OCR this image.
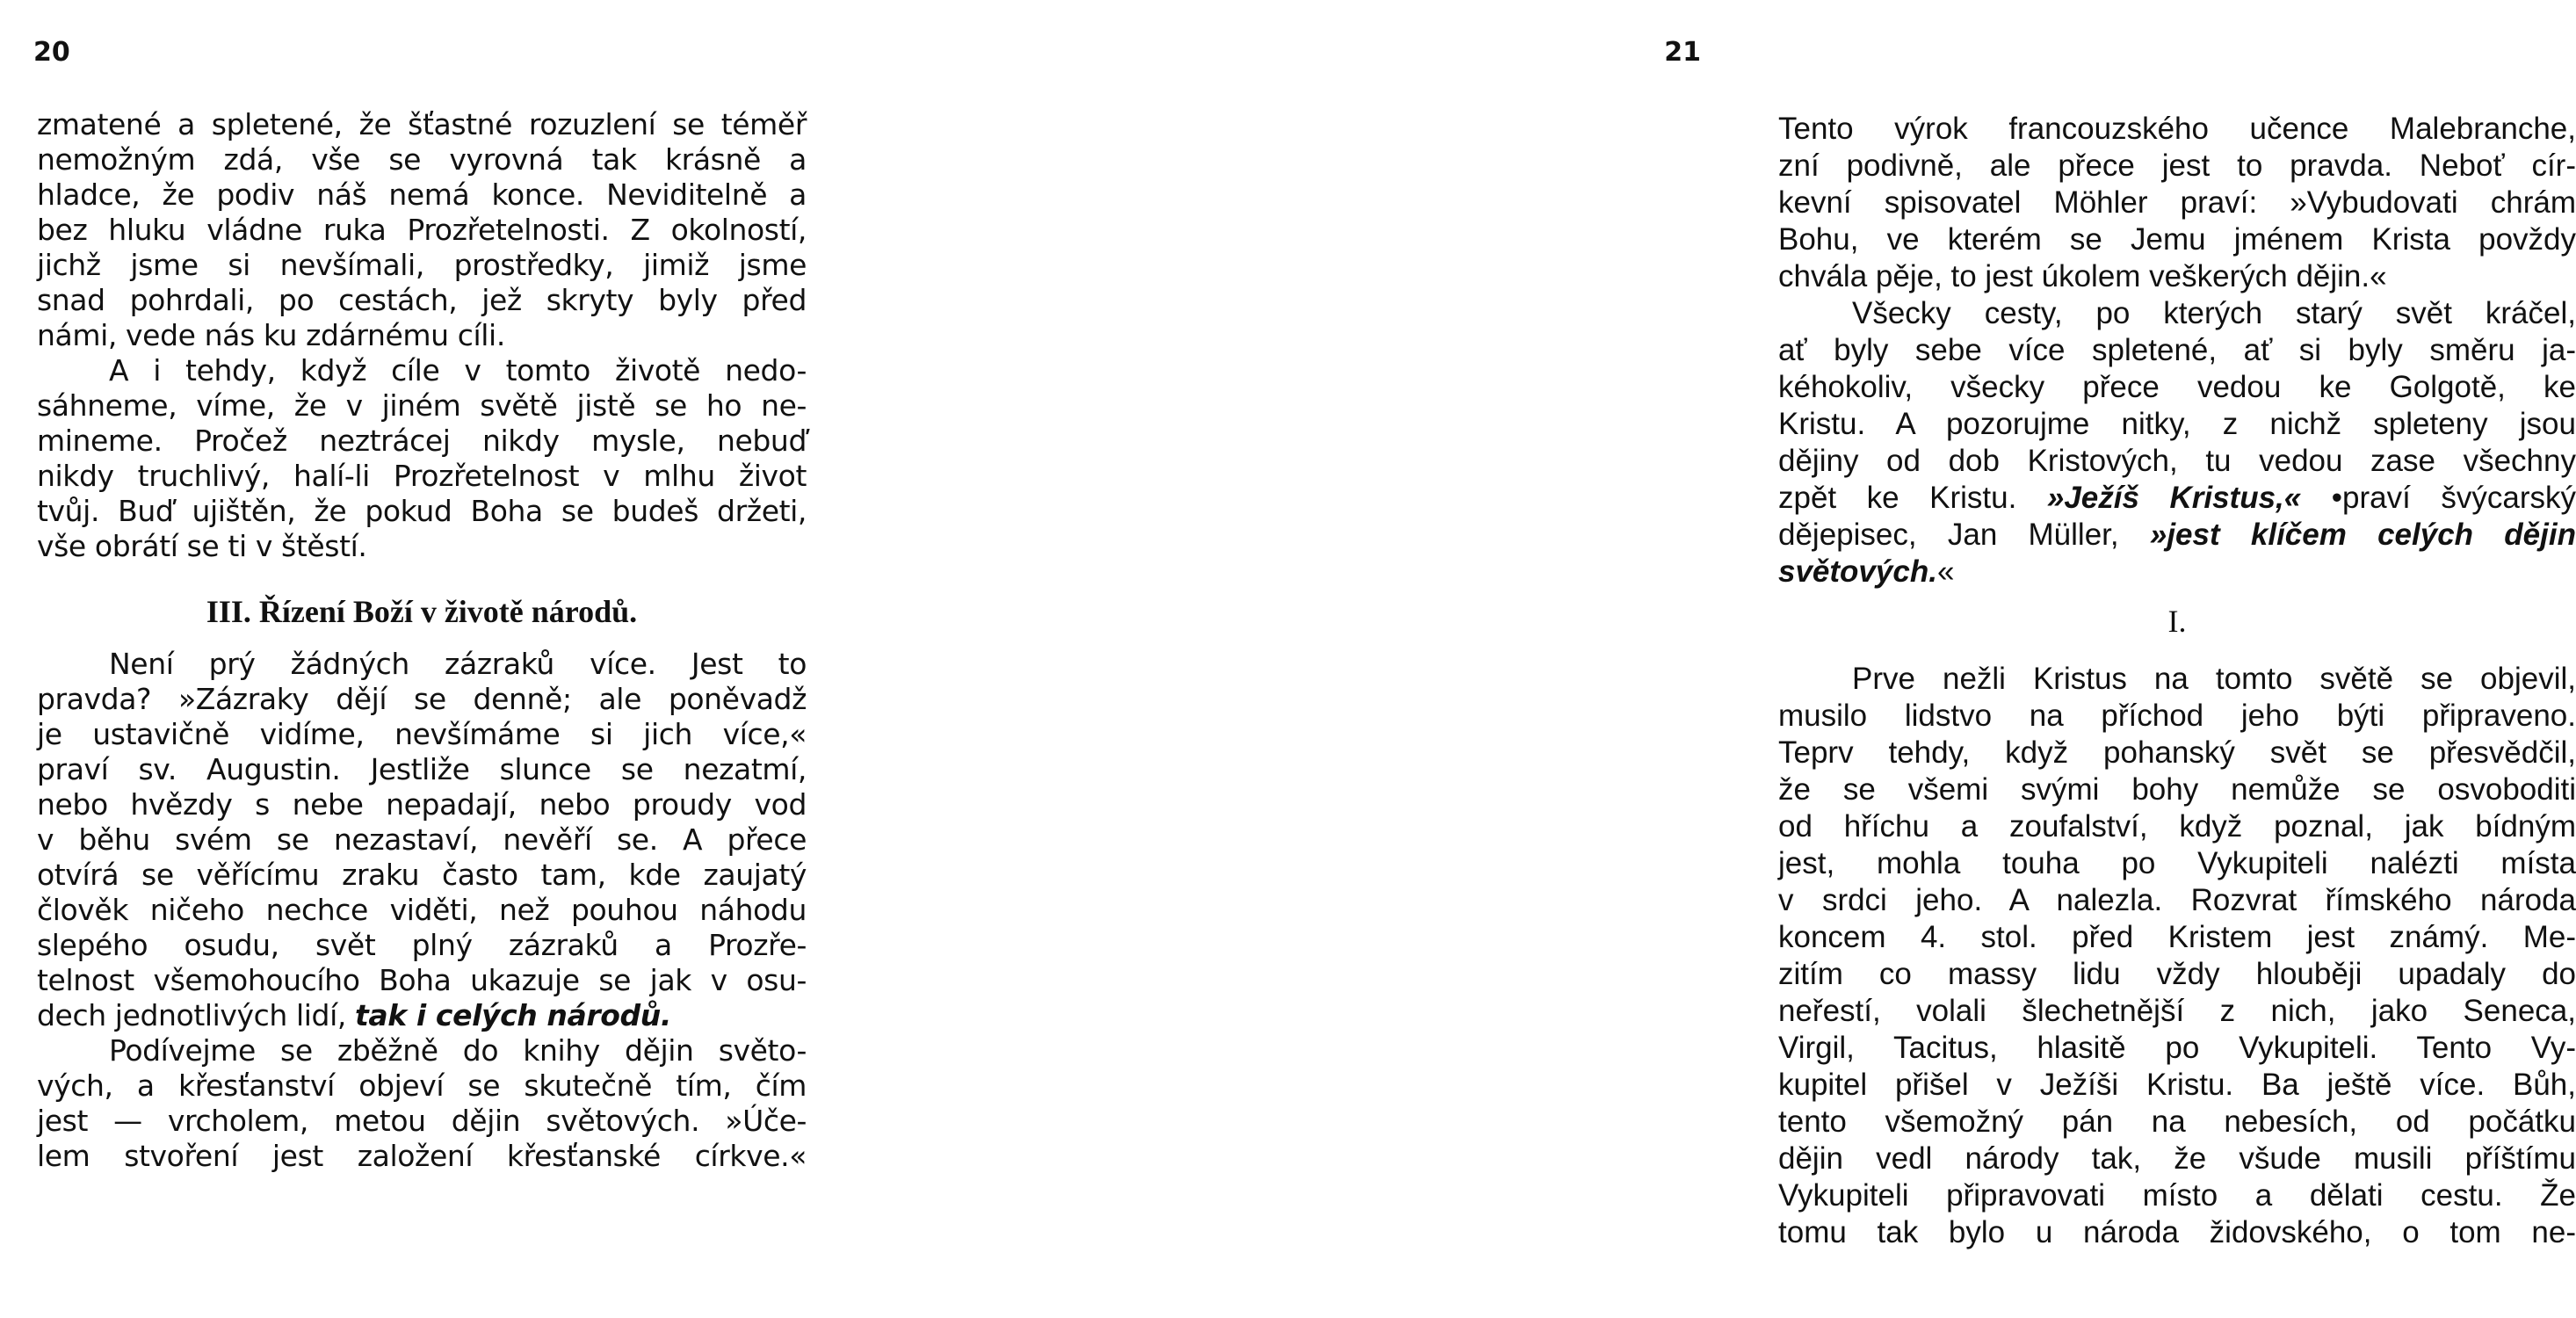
20
zmatené a spletené, že šťastné rozuzlení se téměř
nemožným zdá, vše se vyrovná tak krásně a
hladce, že podiv náš nemá konce. Neviditelně a
bez hluku vládne ruka Prozřetelnosti. Z okolností,
jichž jsme si nevšímali, prostředky, jimiž jsme
snad pohrdali, po cestách, jež skryty byly před
námi, vede nás ku zdárnému cíli.
A i tehdy, když cíle v tomto životě nedo-
sáhneme, víme, že v jiném světě jistě se ho ne-
mineme. Pročež neztrácej nikdy mysle, nebuď
nikdy truchlivý, halí-li Prozřetelnost v mlhu život
tvůj. Buď ujištěn, že pokud Boha se budeš držeti,
vše obrátí se ti v štěstí.
III. Řízení Boží v životě národů.
Není prý žádných zázraků více. Jest to
pravda? »Zázraky dějí se denně; ale poněvadž
je ustavičně vidíme, nevšímáme si jich více,«
praví sv. Augustin. Jestliže slunce se nezatmí,
nebo hvězdy s nebe nepadají, nebo proudy vod
v běhu svém se nezastaví, nevěří se. A přece
otvírá se věřícímu zraku často tam, kde zaujatý
člověk ničeho nechce viděti, než pouhou náhodu
slepého osudu, svět plný zázraků a Prozře-
telnost všemohoucího Boha ukazuje se jak v osu-
dech jednotlivých lidí, tak i celých národů.
Podívejme se zběžně do knihy dějin světo-
vých, a křesťanství objeví se skutečně tím, čím
jest — vrcholem, metou dějin světových. »Úče-
lem stvoření jest založení křesťanské církve.«
21
Tento výrok francouzského učence Malebranche,
zní podivně, ale přece jest to pravda. Neboť cír-
kevní spisovatel Möhler praví: »Vybudovati chrám
Bohu, ve kterém se Jemu jménem Krista povždy
chvála pěje, to jest úkolem veškerých dějin.«
Všecky cesty, po kterých starý svět kráčel,
ať byly sebe více spletené, ať si byly směru ja-
kéhokoliv, všecky přece vedou ke Golgotě, ke
Kristu. A pozorujme nitky, z nichž spleteny jsou
dějiny od dob Kristových, tu vedou zase všechny
zpět ke Kristu. »Ježíš Kristus,« •praví švýcarský
dějepisec, Jan Müller, »jest klíčem celých dějin
světových.«
I.
Prve nežli Kristus na tomto světě se objevil,
musilo lidstvo na příchod jeho býti připraveno.
Teprv tehdy, když pohanský svět se přesvědčil,
že se všemi svými bohy nemůže se osvoboditi
od hříchu a zoufalství, když poznal, jak bídným
jest, mohla touha po Vykupiteli nalézti místa
v srdci jeho. A nalezla. Rozvrat římského národa
koncem 4. stol. před Kristem jest známý. Me-
zitím co massy lidu vždy hlouběji upadaly do
neřestí, volali šlechetnější z nich, jako Seneca,
Virgil, Tacitus, hlasitě po Vykupiteli. Tento Vy-
kupitel přišel v Ježíši Kristu. Ba ještě více. Bůh,
tento všemožný pán na nebesích, od počátku
dějin vedl národy tak, že všude musili příštímu
Vykupiteli připravovati místo a dělati cestu. Že
tomu tak bylo u národa židovského, o tom ne-
